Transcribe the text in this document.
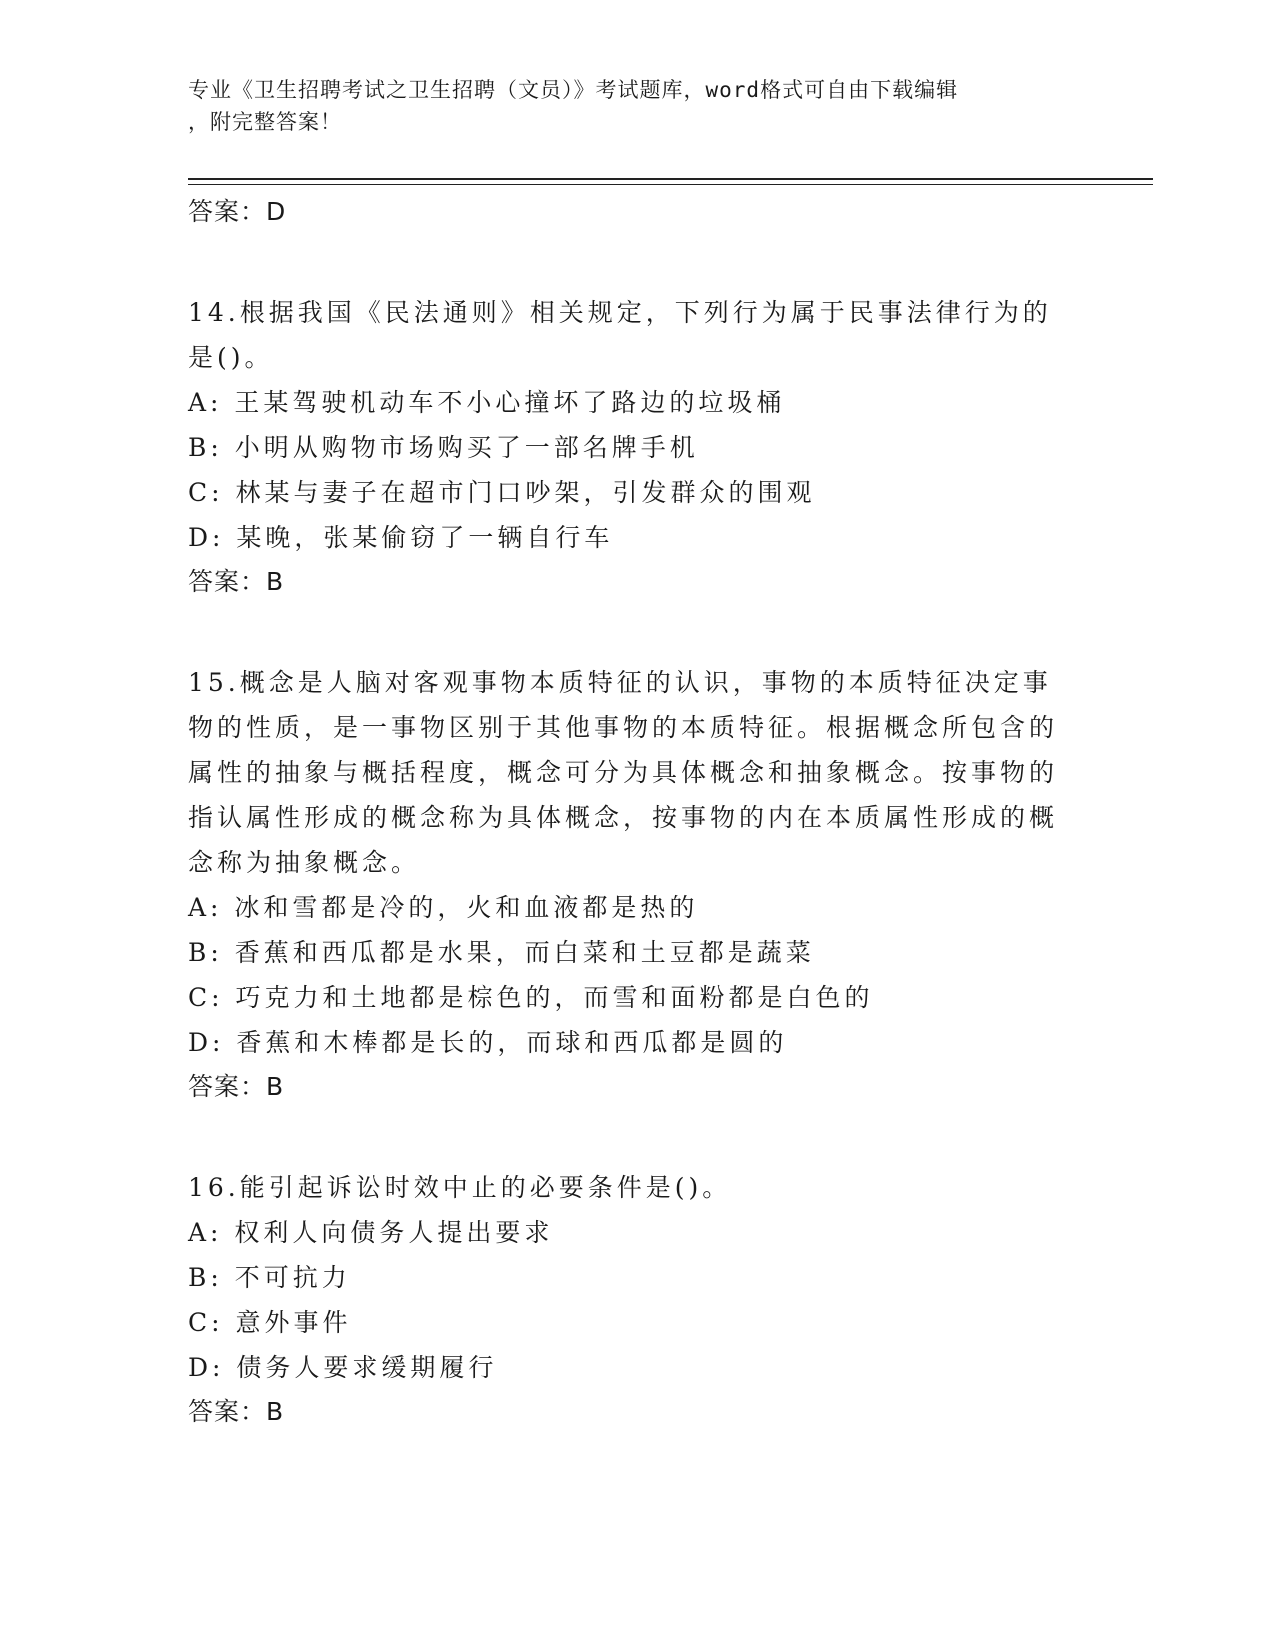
专业《卫生招聘考试之卫生招聘（文员）》考试题库，word格式可自由下载编辑
，附完整答案！
答案：D
14.根据我国《民法通则》相关规定，下列行为属于民事法律行为的是()。
A: 王某驾驶机动车不小心撞坏了路边的垃圾桶
B: 小明从购物市场购买了一部名牌手机
C: 林某与妻子在超市门口吵架，引发群众的围观
D: 某晚，张某偷窃了一辆自行车
答案：B
15.概念是人脑对客观事物本质特征的认识，事物的本质特征决定事物的性质，是一事物区别于其他事物的本质特征。根据概念所包含的属性的抽象与概括程度，概念可分为具体概念和抽象概念。按事物的指认属性形成的概念称为具体概念，按事物的内在本质属性形成的概念称为抽象概念。
A: 冰和雪都是冷的，火和血液都是热的
B: 香蕉和西瓜都是水果，而白菜和土豆都是蔬菜
C: 巧克力和土地都是棕色的，而雪和面粉都是白色的
D: 香蕉和木棒都是长的，而球和西瓜都是圆的
答案：B
16.能引起诉讼时效中止的必要条件是()。
A: 权利人向债务人提出要求
B: 不可抗力
C: 意外事件
D: 债务人要求缓期履行
答案：B
